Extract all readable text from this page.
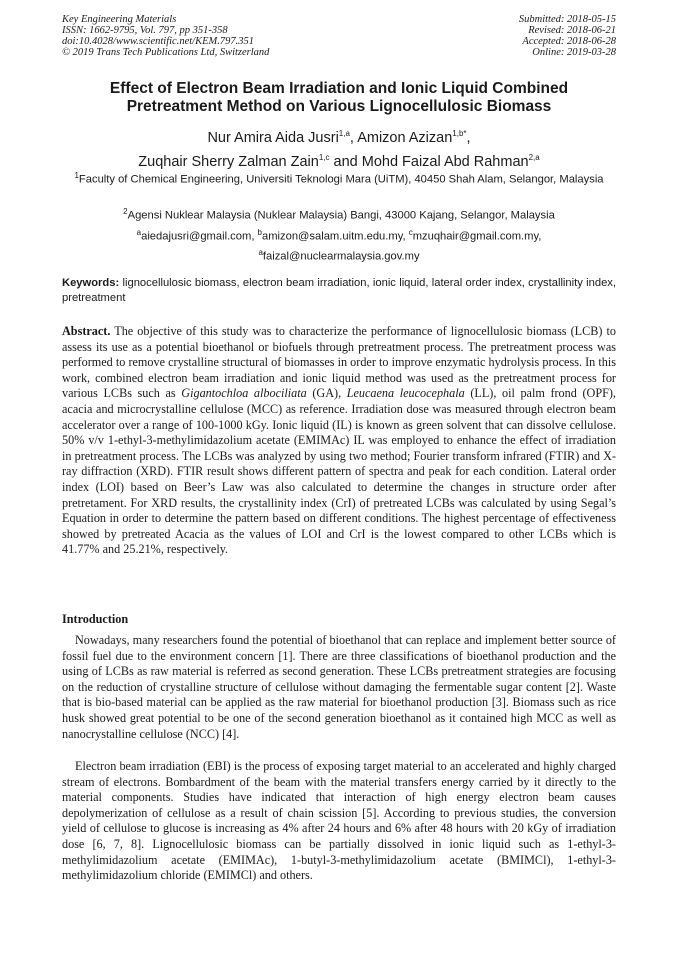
Key Engineering Materials
ISSN: 1662-9795, Vol. 797, pp 351-358
doi:10.4028/www.scientific.net/KEM.797.351
© 2019 Trans Tech Publications Ltd, Switzerland
Submitted: 2018-05-15
Revised: 2018-06-21
Accepted: 2018-06-28
Online: 2019-03-28
Effect of Electron Beam Irradiation and Ionic Liquid Combined
Pretreatment Method on Various Lignocellulosic Biomass
Nur Amira Aida Jusri$^{1,a}$, Amizon Azizan$^{1,b*}$,
Zuqhair Sherry Zalman Zain$^{1,c}$ and Mohd Faizal Abd Rahman$^{2,a}$
$^1$Faculty of Chemical Engineering, Universiti Teknologi Mara (UiTM), 40450 Shah Alam, Selangor, Malaysia
$^2$Agensi Nuklear Malaysia (Nuklear Malaysia) Bangi, 43000 Kajang, Selangor, Malaysia
$^a$aiedajusri@gmail.com, $^b$amizon@salam.uitm.edu.my, $^c$mzuqhair@gmail.com.my,
$^a$faizal@nuclearmalaysia.gov.my
Keywords: lignocellulosic biomass, electron beam irradiation, ionic liquid, lateral order index, crystallinity index, pretreatment
Abstract. The objective of this study was to characterize the performance of lignocellulosic biomass (LCB) to assess its use as a potential bioethanol or biofuels through pretreatment process. The pretreatment process was performed to remove crystalline structural of biomasses in order to improve enzymatic hydrolysis process. In this work, combined electron beam irradiation and ionic liquid method was used as the pretreatment process for various LCBs such as Gigantochloa albociliata (GA), Leucaena leucocephala (LL), oil palm frond (OPF), acacia and microcrystalline cellulose (MCC) as reference. Irradiation dose was measured through electron beam accelerator over a range of 100-1000 kGy. Ionic liquid (IL) is known as green solvent that can dissolve cellulose. 50% v/v 1-ethyl-3-methylimidazolium acetate (EMIMAc) IL was employed to enhance the effect of irradiation in pretreatment process. The LCBs was analyzed by using two method; Fourier transform infrared (FTIR) and X-ray diffraction (XRD). FTIR result shows different pattern of spectra and peak for each condition. Lateral order index (LOI) based on Beer’s Law was also calculated to determine the changes in structure order after pretretament. For XRD results, the crystallinity index (CrI) of pretreated LCBs was calculated by using Segal’s Equation in order to determine the pattern based on different conditions. The highest percentage of effectiveness showed by pretreated Acacia as the values of LOI and CrI is the lowest compared to other LCBs which is 41.77% and 25.21%, respectively.
Introduction
Nowadays, many researchers found the potential of bioethanol that can replace and implement better source of fossil fuel due to the environment concern [1]. There are three classifications of bioethanol production and the using of LCBs as raw material is referred as second generation. These LCBs pretreatment strategies are focusing on the reduction of crystalline structure of cellulose without damaging the fermentable sugar content [2]. Waste that is bio-based material can be applied as the raw material for bioethanol production [3]. Biomass such as rice husk showed great potential to be one of the second generation bioethanol as it contained high MCC as well as nanocrystalline cellulose (NCC) [4].
Electron beam irradiation (EBI) is the process of exposing target material to an accelerated and highly charged stream of electrons. Bombardment of the beam with the material transfers energy carried by it directly to the material components. Studies have indicated that interaction of high energy electron beam causes depolymerization of cellulose as a result of chain scission [5]. According to previous studies, the conversion yield of cellulose to glucose is increasing as 4% after 24 hours and 6% after 48 hours with 20 kGy of irradiation dose [6, 7, 8]. Lignocellulosic biomass can be partially dissolved in ionic liquid such as 1-ethyl-3-methylimidazolium acetate (EMIMAc), 1-butyl-3-methylimidazolium acetate (BMIMCl), 1-ethyl-3-methylimidazolium chloride (EMIMCl) and others.
